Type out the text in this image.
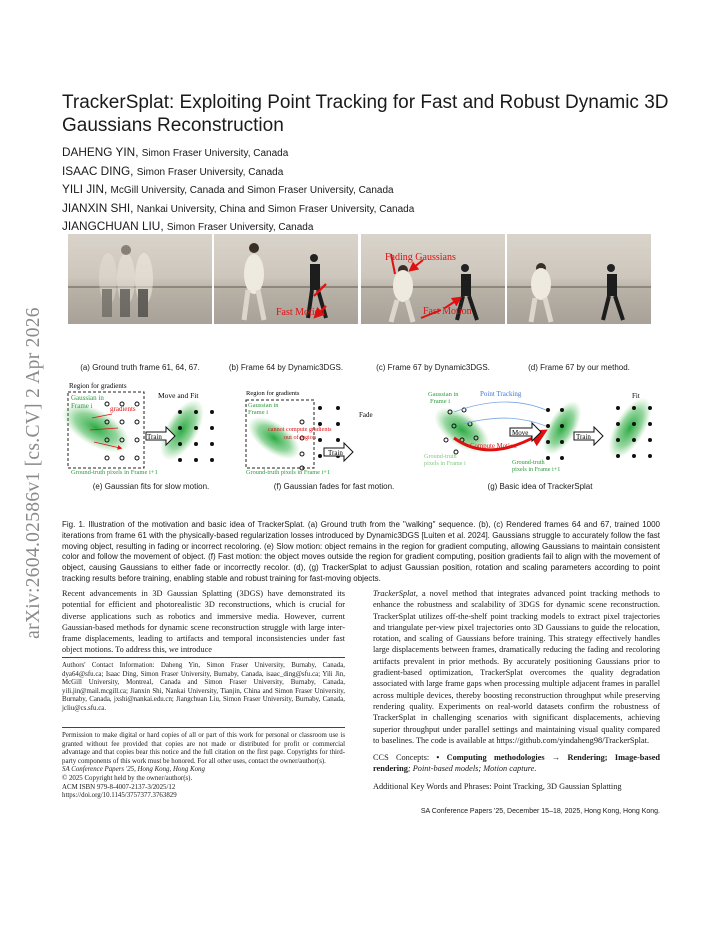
arXiv:2604.02586v1 [cs.CV] 2 Apr 2026
TrackerSplat: Exploiting Point Tracking for Fast and Robust Dynamic 3D Gaussians Reconstruction
DAHENG YIN, Simon Fraser University, Canada
ISAAC DING, Simon Fraser University, Canada
YILI JIN, McGill University, Canada and Simon Fraser University, Canada
JIANXIN SHI, Nankai University, China and Simon Fraser University, Canada
JIANGCHUAN LIU, Simon Fraser University, Canada
Fast Motion
Fading Gaussians
Fast Motion
(a) Ground truth frame 61, 64, 67.	(b) Frame 64 by Dynamic3DGS.	(c) Frame 67 by Dynamic3DGS.	(d) Frame 67 by our method.
Train
Region for gradients
Gaussian in
Frame i gradients
Move and Fit
Ground-truth pixels in Frame i+1
Train
Region for gradients
Gaussian in
Frame i
cannot compute gradients
out of region
Fade
Ground-truth pixels in Frame i+1
Move	Train
Gaussian in
Frame i
Point Tracking
Compute Motion
Fit
Ground-truth
pixels in Frame i	Ground-truth
pixels in Frame i+1
(e) Gaussian fits for slow motion.	(f) Gaussian fades for fast motion.	(g) Basic idea of TrackerSplat
Fig. 1. Illustration of the motivation and basic idea of TrackerSplat. (a) Ground truth from the "walking" sequence. (b), (c) Rendered frames 64 and 67, trained 1000 iterations from frame 61 with the physically-based regularization losses introduced by Dynamic3DGS [Luiten et al. 2024]. Gaussians struggle to accurately follow the fast moving object, resulting in fading or incorrect recoloring. (e) Slow motion: object remains in the region for gradient computing, allowing Gaussians to maintain consistent color and follow the movement of object. (f) Fast motion: the object moves outside the region for gradient computing, position gradients fail to align with the movement of object, causing Gaussians to either fade or incorrectly recolor. (d), (g) TrackerSplat to adjust Gaussian position, rotation and scaling parameters according to point tracking results before training, enabling stable and robust training for fast-moving objects.

Recent advancements in 3D Gaussian Splatting (3DGS) have demonstrated its potential for efficient and photorealistic 3D reconstructions, which is crucial for diverse applications such as robotics and immersive media. However, current Gaussian-based methods for dynamic scene reconstruction struggle with large inter-frame displacements, leading to artifacts and temporal inconsistencies under fast object motions. To address this, we introduce

Authors' Contact Information: Daheng Yin, Simon Fraser University, Burnaby, Canada, dya64@sfu.ca; Isaac Ding, Simon Fraser University, Burnaby, Canada, isaac_ding@sfu.ca; Yili Jin, McGill University, Montreal, Canada and Simon Fraser University, Burnaby, Canada, yili.jin@mail.mcgill.ca; Jianxin Shi, Nankai University, Tianjin, China and Simon Fraser University, Burnaby, Canada, jxshi@nankai.edu.cn; Jiangchuan Liu, Simon Fraser University, Burnaby, Canada, jcliu@cs.sfu.ca.

Permission to make digital or hard copies of all or part of this work for personal or classroom use is granted without fee provided that copies are not made or distributed for profit or commercial advantage and that copies bear this notice and the full citation on the first page. Copyrights for third-party components of this work must be honored. For all other uses, contact the owner/author(s).

SA Conference Papers '25, Hong Kong, Hong Kong

© 2025 Copyright held by the owner/author(s).

ACM ISBN 979-8-4007-2137-3/2025/12

https://doi.org/10.1145/3757377.3763829

TrackerSplat, a novel method that integrates advanced point tracking methods to enhance the robustness and scalability of 3DGS for dynamic scene reconstruction. TrackerSplat utilizes off-the-shelf point tracking models to extract pixel trajectories and triangulate per-view pixel trajectories onto 3D Gaussians to guide the relocation, rotation, and scaling of Gaussians before training. This strategy effectively handles large displacements between frames, dramatically reducing the fading and recoloring artifacts prevalent in prior methods. By accurately positioning Gaussians prior to gradient-based optimization, TrackerSplat overcomes the quality degradation associated with large frame gaps when processing multiple adjacent frames in parallel across multiple devices, thereby boosting reconstruction throughput while preserving rendering quality. Experiments on real-world datasets confirm the robustness of TrackerSplat in challenging scenarios with significant displacements, achieving superior throughput under parallel settings and maintaining visual quality compared to baselines. The code is available at https://github.com/yindaheng98/TrackerSplat.

CCS Concepts: • Computing methodologies → Rendering; Image-based rendering; Point-based models; Motion capture.

Additional Key Words and Phrases: Point Tracking, 3D Gaussian Splatting

SA Conference Papers '25, December 15–18, 2025, Hong Kong, Hong Kong.
